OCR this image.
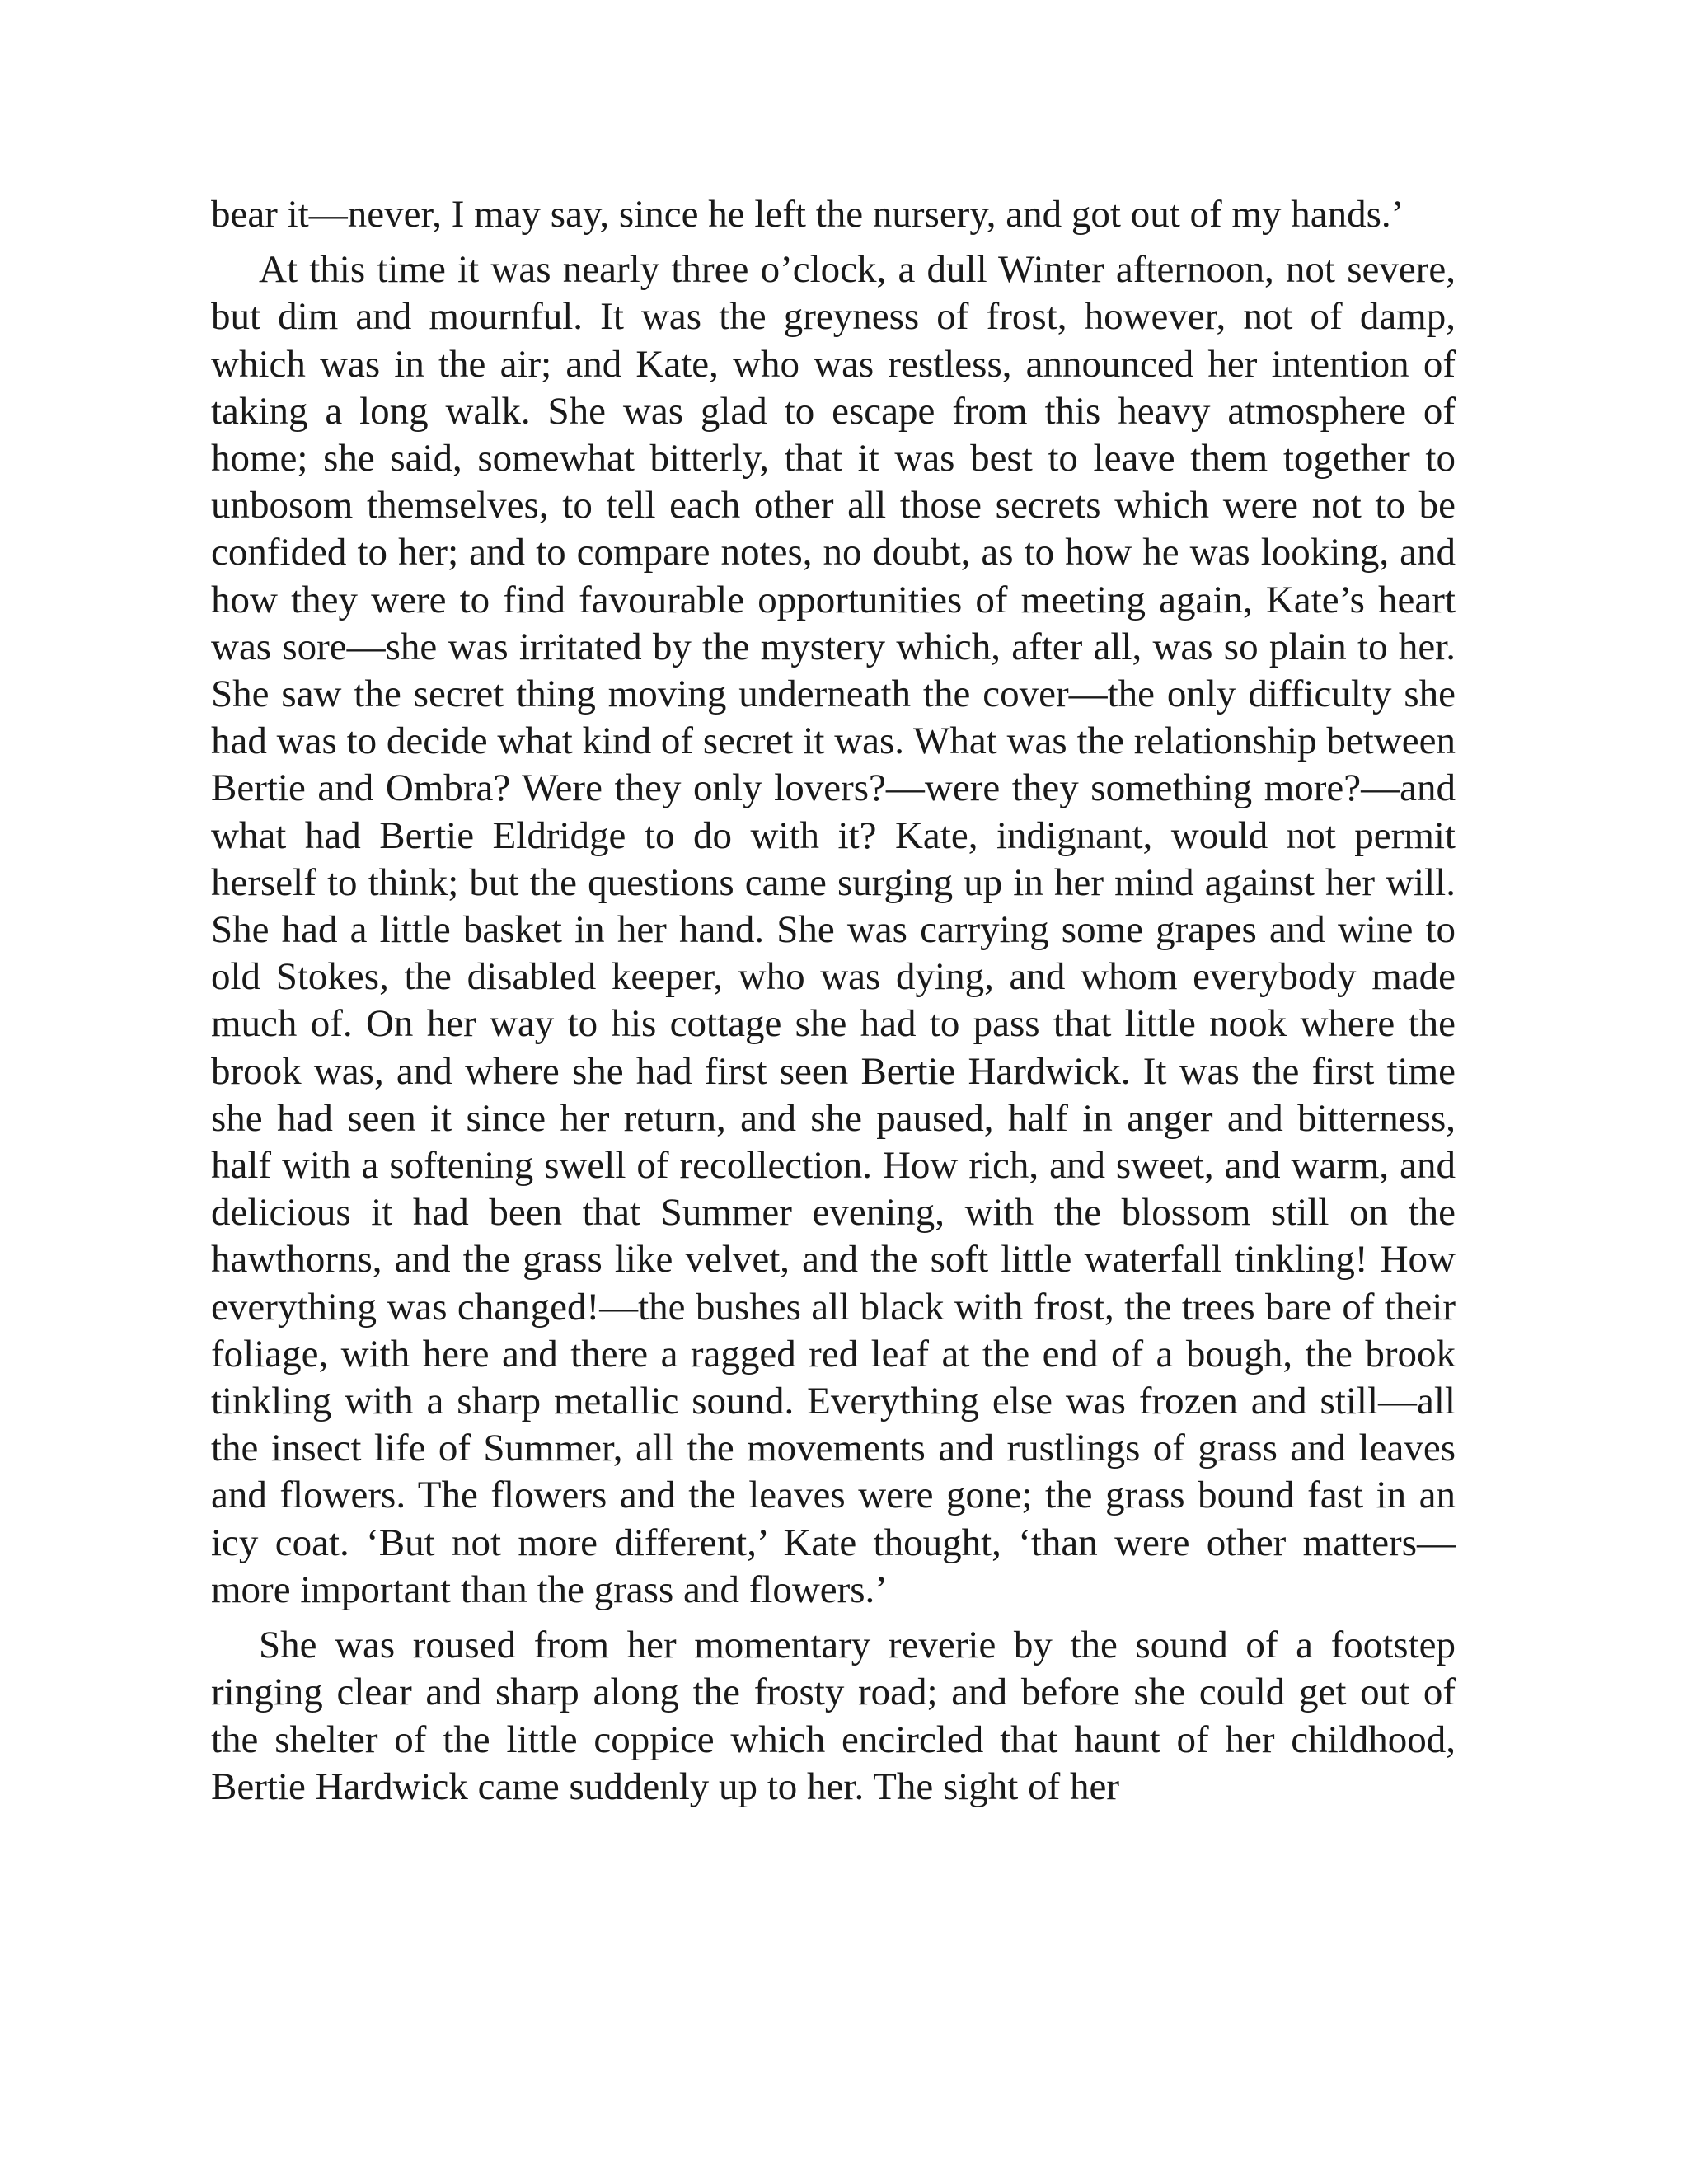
bear it—never, I may say, since he left the nursery, and got out of my hands.’

At this time it was nearly three o’clock, a dull Winter afternoon, not severe, but dim and mournful. It was the greyness of frost, however, not of damp, which was in the air; and Kate, who was restless, announced her intention of taking a long walk. She was glad to escape from this heavy atmosphere of home; she said, somewhat bitterly, that it was best to leave them together to unbosom themselves, to tell each other all those secrets which were not to be confided to her; and to compare notes, no doubt, as to how he was looking, and how they were to find favourable opportunities of meeting again, Kate’s heart was sore—she was irritated by the mystery which, after all, was so plain to her. She saw the secret thing moving underneath the cover—the only difficulty she had was to decide what kind of secret it was. What was the relationship between Bertie and Ombra? Were they only lovers?—were they something more?—and what had Bertie Eldridge to do with it? Kate, indignant, would not permit herself to think; but the questions came surging up in her mind against her will. She had a little basket in her hand. She was carrying some grapes and wine to old Stokes, the disabled keeper, who was dying, and whom everybody made much of. On her way to his cottage she had to pass that little nook where the brook was, and where she had first seen Bertie Hardwick. It was the first time she had seen it since her return, and she paused, half in anger and bitterness, half with a softening swell of recollection. How rich, and sweet, and warm, and delicious it had been that Summer evening, with the blossom still on the hawthorns, and the grass like velvet, and the soft little waterfall tinkling! How everything was changed!—the bushes all black with frost, the trees bare of their foliage, with here and there a ragged red leaf at the end of a bough, the brook tinkling with a sharp metallic sound. Everything else was frozen and still—all the insect life of Summer, all the movements and rustlings of grass and leaves and flowers. The flowers and the leaves were gone; the grass bound fast in an icy coat. ‘But not more different,’ Kate thought, ‘than were other matters—more important than the grass and flowers.’

She was roused from her momentary reverie by the sound of a footstep ringing clear and sharp along the frosty road; and before she could get out of the shelter of the little coppice which encircled that haunt of her childhood, Bertie Hardwick came suddenly up to her. The sight of her
